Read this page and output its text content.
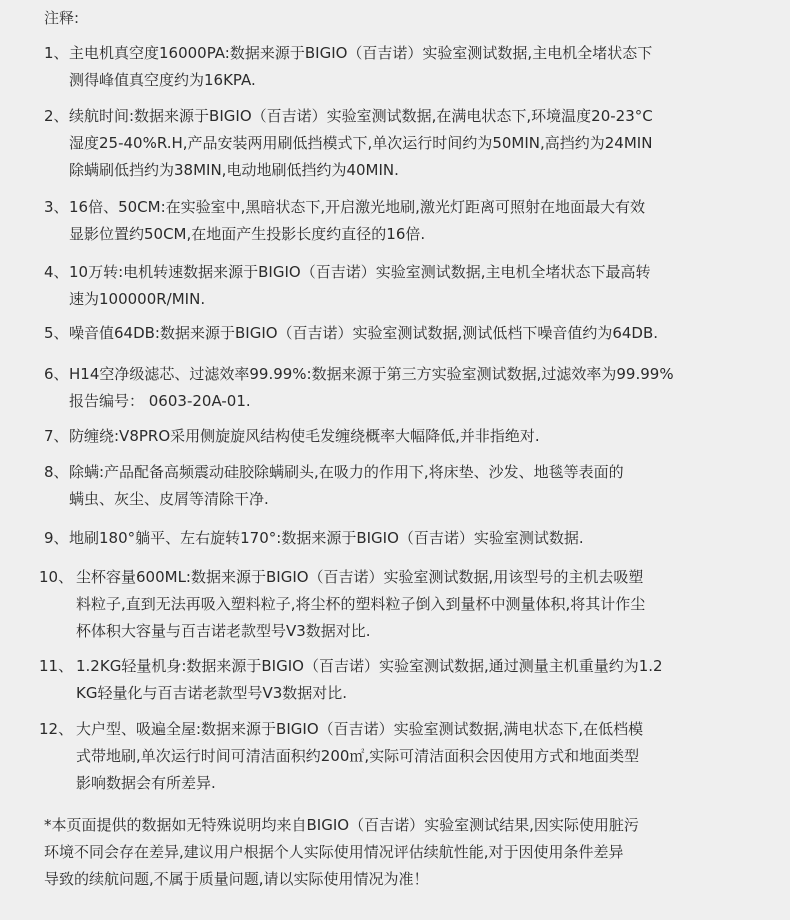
注释:
1、 主电机真空度16000PA:数据来源于BIGIO（百吉诺）实验室测试数据,主电机全堵状态下
测得峰值真空度约为16KPA.
2、 续航时间:数据来源于BIGIO（百吉诺）实验室测试数据,在满电状态下,环境温度20-23°C
湿度25-40%R.H,产品安装两用刷低挡模式下,单次运行时间约为50MIN,高挡约为24MIN
除螨刷低挡约为38MIN,电动地刷低挡约为40MIN.
3、 16倍、50CM:在实验室中,黑暗状态下,开启激光地刷,激光灯距离可照射在地面最大有效
显影位置约50CM,在地面产生投影长度约直径的16倍.
4、 10万转:电机转速数据来源于BIGIO（百吉诺）实验室测试数据,主电机全堵状态下最高转
速为100000R/MIN.
5、 噪音值64DB:数据来源于BIGIO（百吉诺）实验室测试数据,测试低档下噪音值约为64DB.
6、 H14空净级滤芯、过滤效率99.99%:数据来源于第三方实验室测试数据,过滤效率为99.99%
报告编号： 0603-20A-01.
7、 防缠绕:V8PRO采用侧旋旋风结构使毛发缠绕概率大幅降低,并非指绝对.
8、 除螨:产品配备高频震动硅胶除螨刷头,在吸力的作用下,将床垫、沙发、地毯等表面的
螨虫、灰尘、皮屑等清除干净.
9、 地刷180°躺平、左右旋转170°:数据来源于BIGIO（百吉诺）实验室测试数据.
10、 尘杯容量600ML:数据来源于BIGIO（百吉诺）实验室测试数据,用该型号的主机去吸塑
料粒子,直到无法再吸入塑料粒子,将尘杯的塑料粒子倒入到量杯中测量体积,将其计作尘
杯体积大容量与百吉诺老款型号V3数据对比.
11、 1.2KG轻量机身:数据来源于BIGIO（百吉诺）实验室测试数据,通过测量主机重量约为1.2
KG轻量化与百吉诺老款型号V3数据对比.
12、 大户型、吸遍全屋:数据来源于BIGIO（百吉诺）实验室测试数据,满电状态下,在低档模
式带地刷,单次运行时间可清洁面积约200㎡,实际可清洁面积会因使用方式和地面类型
影响数据会有所差异.
*本页面提供的数据如无特殊说明均来自BIGIO（百吉诺）实验室测试结果,因实际使用脏污
环境不同会存在差异,建议用户根据个人实际使用情况评估续航性能,对于因使用条件差异
导致的续航问题,不属于质量问题,请以实际使用情况为准！
